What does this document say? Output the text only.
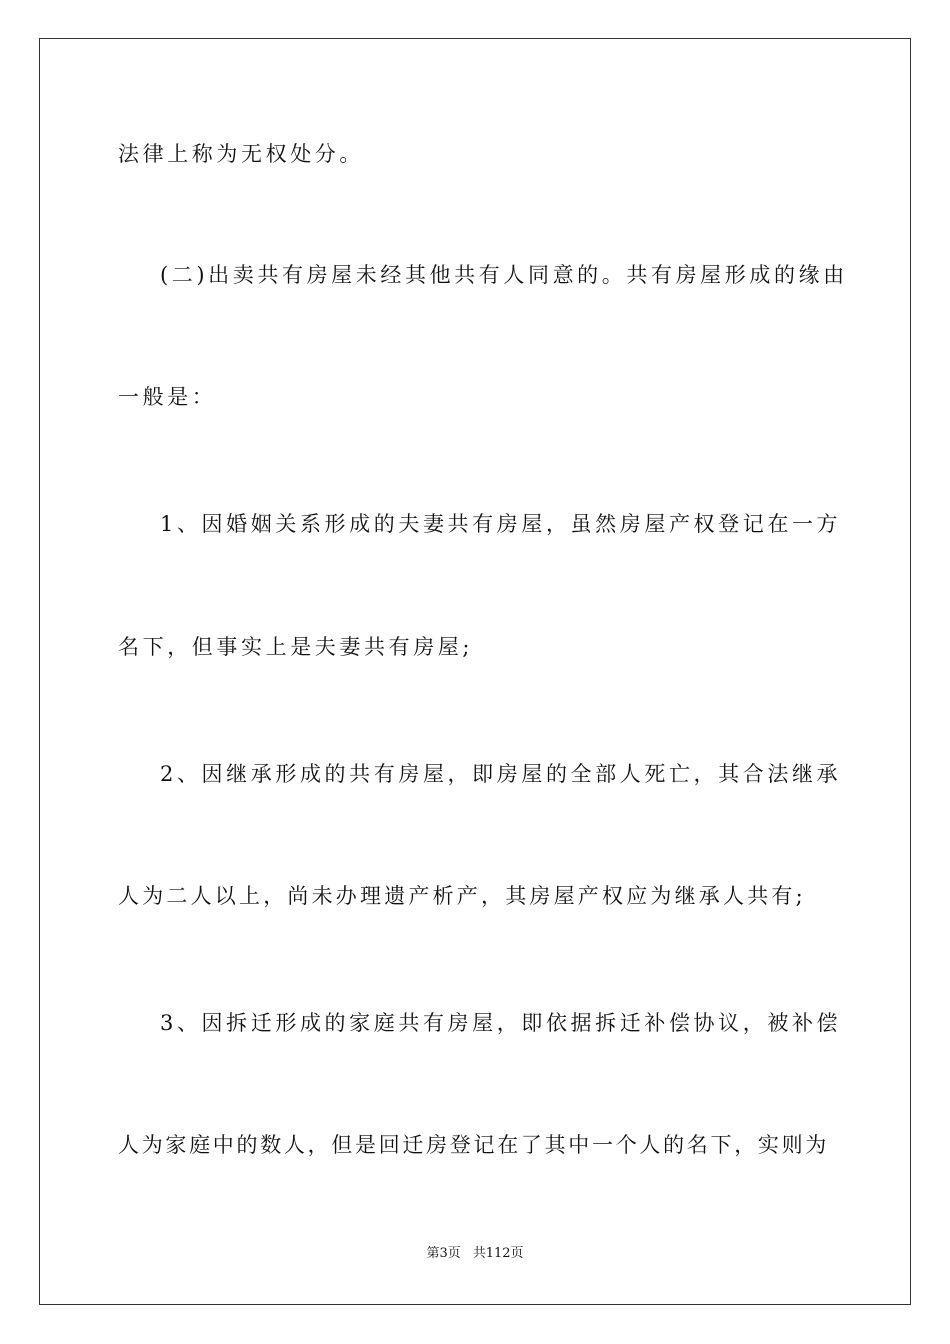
法律上称为无权处分。
(二)出卖共有房屋未经其他共有人同意的。共有房屋形成的缘由
一般是：
1、因婚姻关系形成的夫妻共有房屋，虽然房屋产权登记在一方
名下，但事实上是夫妻共有房屋;
2、因继承形成的共有房屋，即房屋的全部人死亡，其合法继承
人为二人以上，尚未办理遗产析产，其房屋产权应为继承人共有;
3、因拆迁形成的家庭共有房屋，即依据拆迁补偿协议，被补偿
人为家庭中的数人，但是回迁房登记在了其中一个人的名下，实则为
第3页 共112页
